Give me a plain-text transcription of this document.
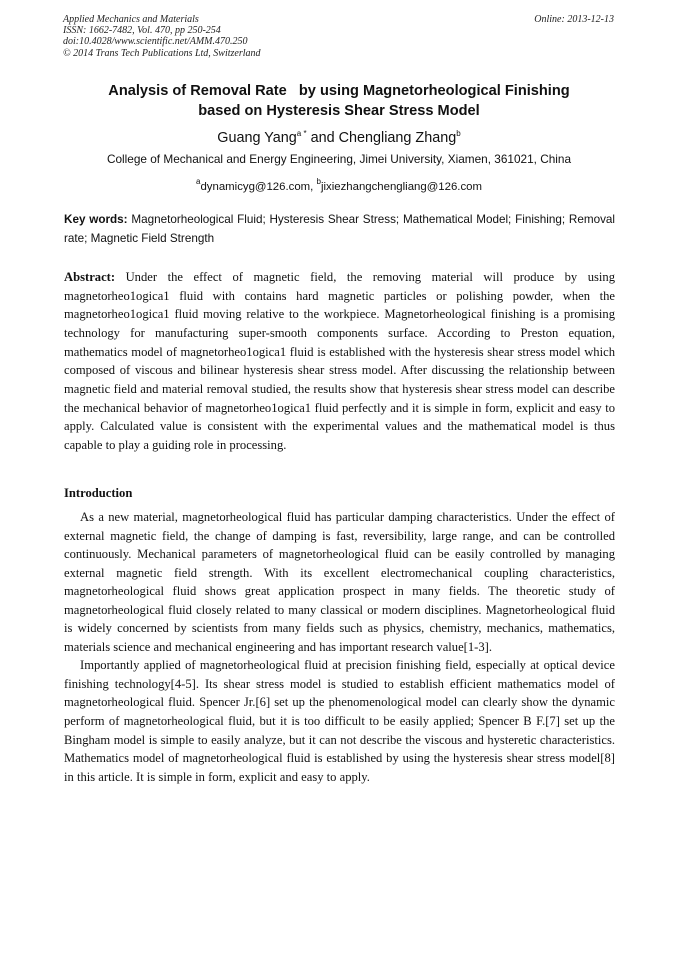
Applied Mechanics and Materials
ISSN: 1662-7482, Vol. 470, pp 250-254
doi:10.4028/www.scientific.net/AMM.470.250
© 2014 Trans Tech Publications Ltd, Switzerland
Online: 2013-12-13
Analysis of Removal Rate   by using Magnetorheological Finishing
based on Hysteresis Shear Stress Model
Guang Yang$^{a *}$ and Chengliang Zhang$^b$
College of Mechanical and Energy Engineering, Jimei University, Xiamen, 361021, China
$^a$dynamicyg@126.com, $^b$jixiezhangchengliang@126.com
Key words: Magnetorheological Fluid; Hysteresis Shear Stress; Mathematical Model; Finishing; Removal rate; Magnetic Field Strength
Abstract: Under the effect of magnetic field, the removing material will produce by using magnetorheo1ogica1 fluid with contains hard magnetic particles or polishing powder, when the magnetorheo1ogica1 fluid moving relative to the workpiece. Magnetorheological finishing is a promising technology for manufacturing super-smooth components surface. According to Preston equation, mathematics model of magnetorheo1ogica1 fluid is established with the hysteresis shear stress model which composed of viscous and bilinear hysteresis shear stress model. After discussing the relationship between magnetic field and material removal studied, the results show that hysteresis shear stress model can describe the mechanical behavior of magnetorheo1ogica1 fluid perfectly and it is simple in form, explicit and easy to apply. Calculated value is consistent with the experimental values and the mathematical model is thus capable to play a guiding role in processing.
Introduction

As a new material, magnetorheological fluid has particular damping characteristics. Under the effect of external magnetic field, the change of damping is fast, reversibility, large range, and can be controlled continuously. Mechanical parameters of magnetorheological fluid can be easily controlled by managing external magnetic field strength. With its excellent electromechanical coupling characteristics, magnetorheological fluid shows great application prospect in many fields. The theoretic study of magnetorheological fluid closely related to many classical or modern disciplines. Magnetorheological fluid is widely concerned by scientists from many fields such as physics, chemistry, mechanics, mathematics, materials science and mechanical engineering and has important research value[1-3].

Importantly applied of magnetorheological fluid at precision finishing field, especially at optical device finishing technology[4-5]. Its shear stress model is studied to establish efficient mathematics model of magnetorheological fluid. Spencer Jr.[6] set up the phenomenological model can clearly show the dynamic perform of magnetorheological fluid, but it is too difficult to be easily applied; Spencer B F.[7] set up the Bingham model is simple to easily analyze, but it can not describe the viscous and hysteretic characteristics. Mathematics model of magnetorheological fluid is established by using the hysteresis shear stress model[8] in this article. It is simple in form, explicit and easy to apply.
